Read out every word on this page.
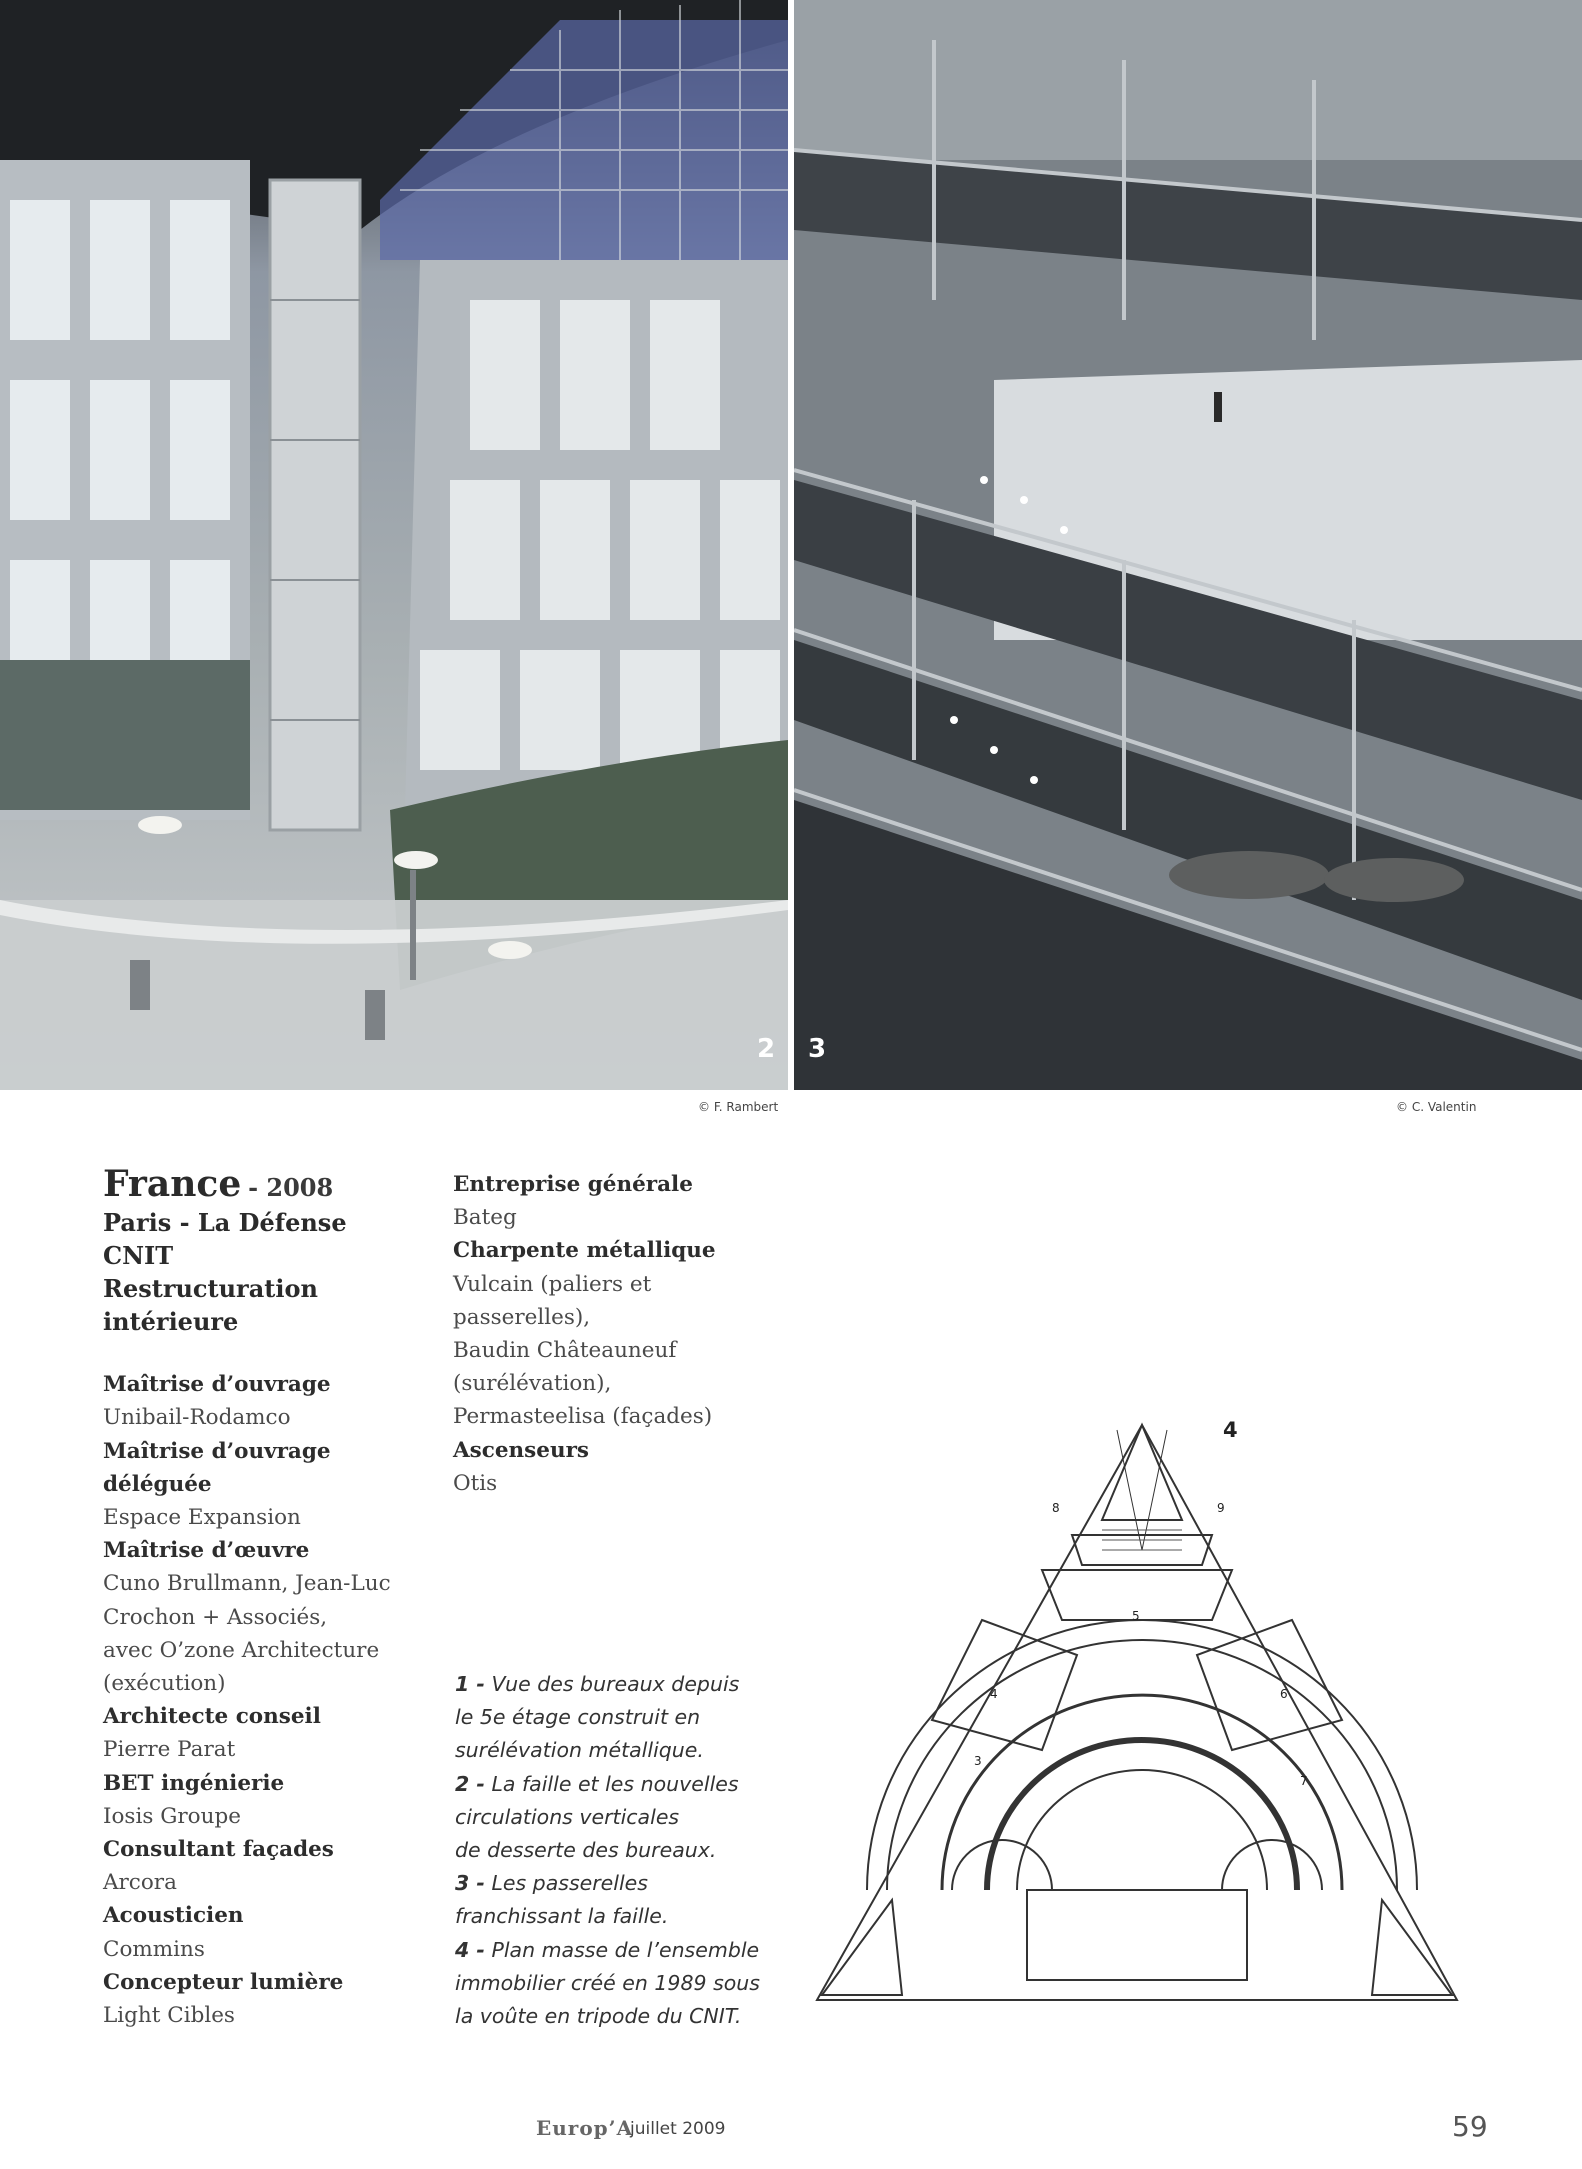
2 3
© F. Rambert	© C. Valentin
France - 2008
Paris - La Défense
CNIT
Restructuration
intérieure
Maîtrise d’ouvrage
Unibail-Rodamco
Maîtrise d’ouvrage
déléguée
Espace Expansion
Maîtrise d’œuvre
Cuno Brullmann, Jean-Luc
Crochon + Associés,
avec O’zone Architecture
(exécution)
Architecte conseil
Pierre Parat
BET ingénierie
Iosis Groupe
Consultant façades
Arcora
Acousticien
Commins
Concepteur lumière
Light Cibles
Entreprise générale
Bateg
Charpente métallique
Vulcain (paliers et passerelles),
Baudin Châteauneuf
(surélévation),
Permasteelisa (façades)
Ascenseurs
Otis
1 - Vue des bureaux depuis
le 5e étage construit en
surélévation métallique.
2 - La faille et les nouvelles
circulations verticales
de desserte des bureaux.
3 - Les passerelles
franchissant la faille.
4 - Plan masse de l’ensemble
immobilier créé en 1989 sous
la voûte en tripode du CNIT.
4
3
4
5
6
7
8	9
Europ’A
juillet 2009	59
